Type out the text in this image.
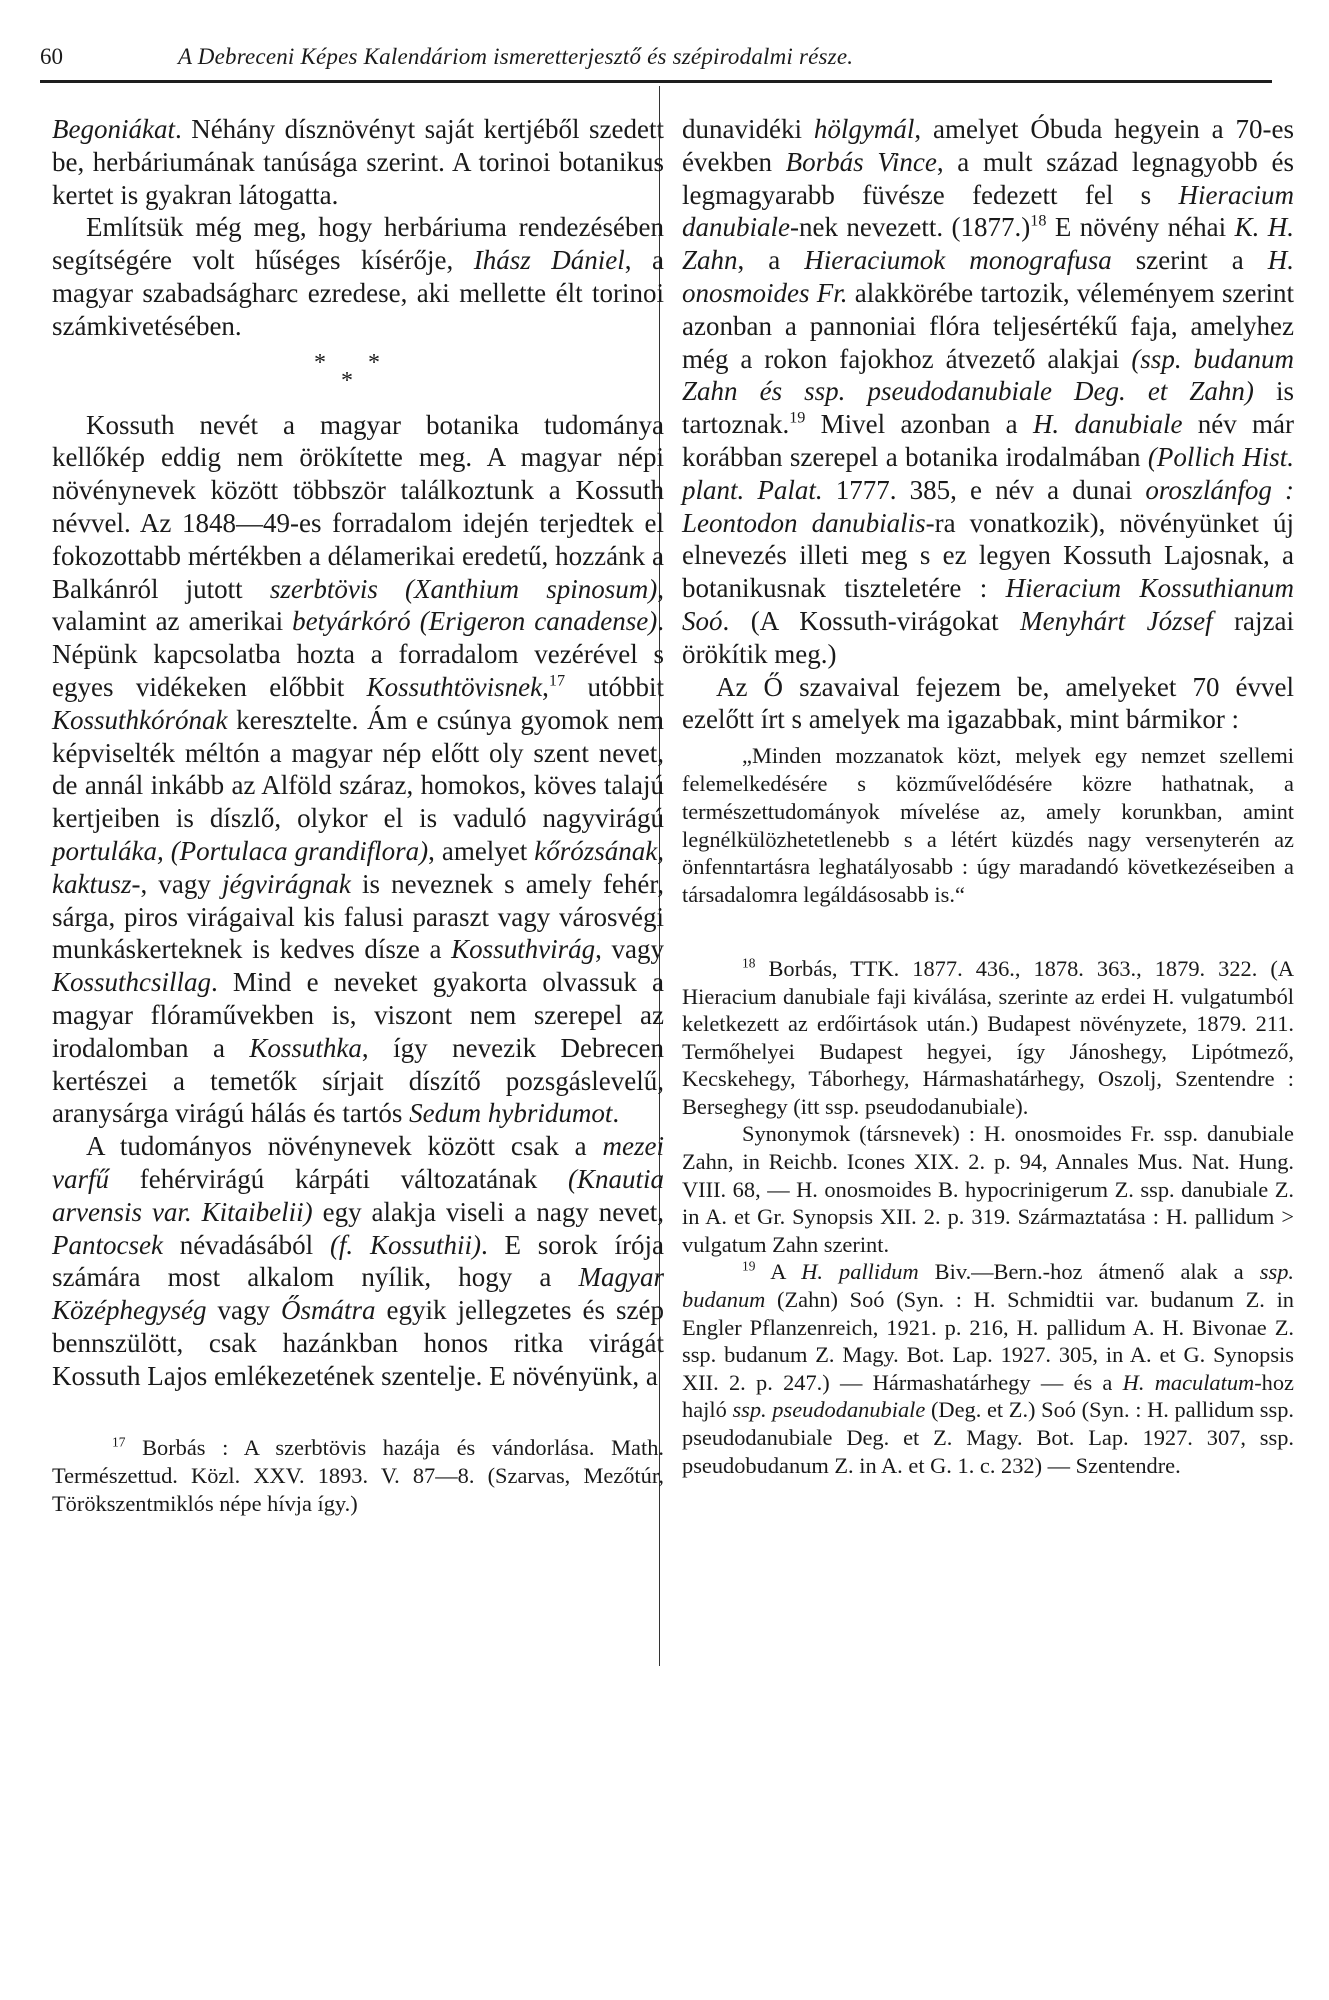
60	A Debreceni Képes Kalendáriom ismeretterjesztő és szépirodalmi része.

Begoniákat. Néhány dísznövényt saját kertjéből szedett be, herbáriumának tanúsága szerint. A torinoi botanikus kertet is gyakran látogatta.

Említsük még meg, hogy herbáriuma rendezésében segítségére volt hűséges kísérője, Ihász Dániel, a magyar szabadságharc ezredese, aki mellette élt torinoi számkivetésében.

* *
*

Kossuth nevét a magyar botanika tudománya kellőkép eddig nem örökítette meg. A magyar népi növénynevek között többször találkoztunk a Kossuth névvel. Az 1848—49-es forradalom idején terjedtek el fokozottabb mértékben a délamerikai eredetű, hozzánk a Balkánról jutott szerbtövis (Xanthium spinosum), valamint az amerikai betyárkóró (Erigeron canadense). Népünk kapcsolatba hozta a forradalom vezérével s egyes vidékeken előbbit Kossuthtövisnek,$^{17}$ utóbbit Kossuthkórónak keresztelte. Ám e csúnya gyomok nem képviselték méltón a magyar nép előtt oly szent nevet, de annál inkább az Alföld száraz, homokos, köves talajú kertjeiben is díszlő, olykor el is vaduló nagyvirágú portuláka, (Portulaca grandiflora), amelyet kőrózsának, kaktusz-, vagy jégvirágnak is neveznek s amely fehér, sárga, piros virágaival kis falusi paraszt vagy városvégi munkáskerteknek is kedves dísze a Kossuthvirág, vagy Kossuthcsillag. Mind e neveket gyakorta olvassuk a magyar flóraművekben is, viszont nem szerepel az irodalomban a Kossuthka, így nevezik Debrecen kertészei a temetők sírjait díszítő pozsgáslevelű, aranysárga virágú hálás és tartós Sedum hybridumot.

A tudományos növénynevek között csak a mezei varfű fehérvirágú kárpáti változatának (Knautia arvensis var. Kitaibelii) egy alakja viseli a nagy nevet, Pantocsek névadásából (f. Kossuthii). E sorok írója számára most alkalom nyílik, hogy a Magyar Középhegység vagy Ősmátra egyik jellegzetes és szép bennszülött, csak hazánkban honos ritka virágát Kossuth Lajos emlékezetének szentelje. E növényünk, a

$^{17}$ Borbás : A szerbtövis hazája és vándorlása. Math. Természettud. Közl. XXV. 1893. V. 87—8. (Szarvas, Mezőtúr, Törökszentmiklós népe hívja így.)

dunavidéki hölgymál, amelyet Óbuda hegyein a 70-es években Borbás Vince, a mult század legnagyobb és legmagyarabb füvésze fedezett fel s Hieracium danubiale-nek nevezett. $(1877.)^{18}$ E növény néhai K. H. Zahn, a Hieraciumok monografusa szerint a H. onosmoides Fr. alakkörébe tartozik, véleményem szerint azonban a pannoniai flóra teljesértékű faja, amelyhez még a rokon fajokhoz átvezető alakjai (ssp. budanum Zahn és ssp. pseudodanubiale Deg. et Zahn) is tartoznak.$^{19}$ Mivel azonban a H. danubiale név már korábban szerepel a botanika irodalmában (Pollich Hist. plant. Palat. 1777. 385, e név a dunai oroszlánfog : Leontodon danubialis-ra vonatkozik), növényünket új elnevezés illeti meg s ez legyen Kossuth Lajosnak, a botanikusnak tiszteletére : Hieracium Kossuthianum Soó. (A Kossuth-virágokat Menyhárt József rajzai örökítik meg.)

Az Ő szavaival fejezem be, amelyeket 70 évvel ezelőtt írt s amelyek ma igazabbak, mint bármikor :

„Minden mozzanatok közt, melyek egy nemzet szellemi felemelkedésére s közművelődésére közre hathatnak, a természettudományok mívelése az, amely korunkban, amint legnélkülözhetetlenebb s a létért küzdés nagy versenyterén az önfenntartásra leghatályosabb : úgy maradandó következéseiben a társadalomra legáldásosabb is.“

$^{18}$ Borbás, TTK. 1877. 436., 1878. 363., 1879. 322. (A Hieracium danubiale faji kiválása, szerinte az erdei H. vulgatumból keletkezett az erdőirtások után.) Budapest növényzete, 1879. 211. Termőhelyei Budapest hegyei, így Jánoshegy, Lipótmező, Kecskehegy, Táborhegy, Hármashatárhegy, Oszolj, Szentendre : Berseghegy (itt ssp. pseudodanubiale).

Synonymok (társnevek) : H. onosmoides Fr. ssp. danubiale Zahn, in Reichb. Icones XIX. 2. p. 94, Annales Mus. Nat. Hung. VIII. 68, — H. onosmoides B. hypocrinigerum Z. ssp. danubiale Z. in A. et Gr. Synopsis XII. 2. p. 319. Származtatása : H. pallidum > vulgatum Zahn szerint.

$^{19}$ A H. pallidum Biv.—Bern.-hoz átmenő alak a ssp. budanum (Zahn) Soó (Syn. : H. Schmidtii var. budanum Z. in Engler Pflanzenreich, 1921. p. 216, H. pallidum A. H. Bivonae Z. ssp. budanum Z. Magy. Bot. Lap. 1927. 305, in A. et G. Synopsis XII. 2. p. 247.) — Hármashatárhegy — és a H. maculatum-hoz hajló ssp. pseudodanubiale (Deg. et Z.) Soó (Syn. : H. pallidum ssp. pseudodanubiale Deg. et Z. Magy. Bot. Lap. 1927. 307, ssp. pseudobudanum Z. in A. et G. 1. c. 232) — Szentendre.
